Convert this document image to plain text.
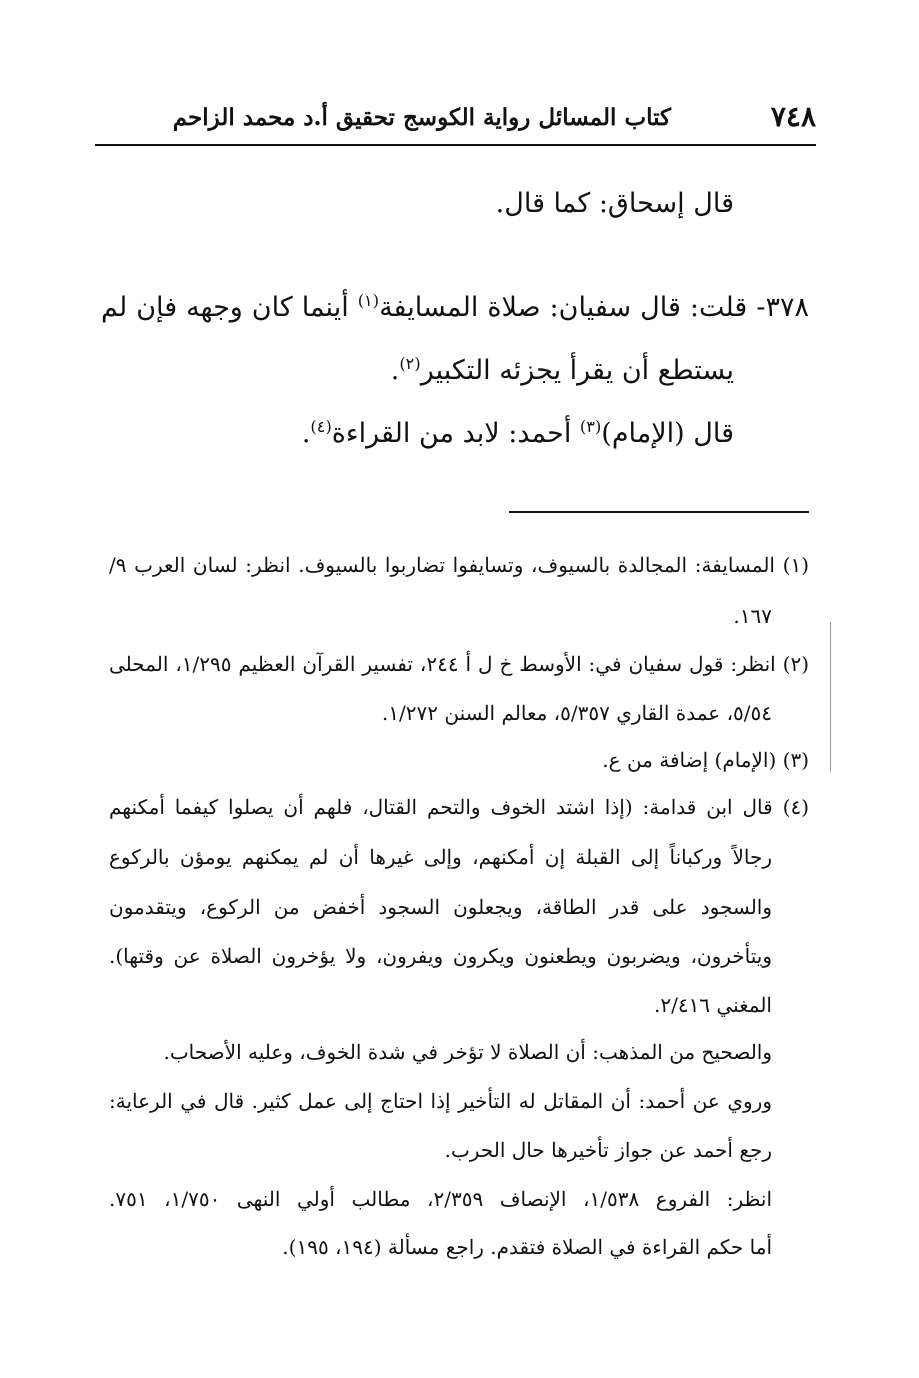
٧٤٨
كتاب المسائل رواية الكوسج تحقيق أ.د محمد الزاحم
قال إسحاق: كما قال.
٣٧٨- قلت: قال سفيان: صلاة المسايفة$^{(١)}$ أينما كان وجهه فإن لم
يستطع أن يقرأ يجزئه التكبير$^{(٢)}$.
قال (الإمام)$^{(٣)}$ أحمد: لابد من القراءة$^{(٤)}$.
(١) المسايفة: المجالدة بالسيوف، وتسايفوا تضاربوا بالسيوف. انظر: لسان العرب ٩/
١٦٧.
(٢) انظر: قول سفيان في: الأوسط خ ل أ ٢٤٤، تفسير القرآن العظيم ١/٢٩٥، المحلى
٥/٥٤، عمدة القاري ٥/٣٥٧، معالم السنن ١/٢٧٢.
(٣) (الإمام) إضافة من ع.
(٤) قال ابن قدامة: (إذا اشتد الخوف والتحم القتال، فلهم أن يصلوا كيفما أمكنهم
رجالاً وركباناً إلى القبلة إن أمكنهم، وإلى غيرها أن لم يمكنهم يومؤن بالركوع
والسجود على قدر الطاقة، ويجعلون السجود أخفض من الركوع، ويتقدمون
ويتأخرون، ويضربون ويطعنون ويكرون ويفرون، ولا يؤخرون الصلاة عن وقتها).
المغني ٢/٤١٦.
والصحيح من المذهب: أن الصلاة لا تؤخر في شدة الخوف، وعليه الأصحاب.
وروي عن أحمد: أن المقاتل له التأخير إذا احتاج إلى عمل كثير. قال في الرعاية:
رجع أحمد عن جواز تأخيرها حال الحرب.
انظر: الفروع ١/٥٣٨، الإنصاف ٢/٣٥٩، مطالب أولي النهى ١/٧٥٠، ٧٥١.
أما حكم القراءة في الصلاة فتقدم. راجع مسألة (١٩٤، ١٩٥).
